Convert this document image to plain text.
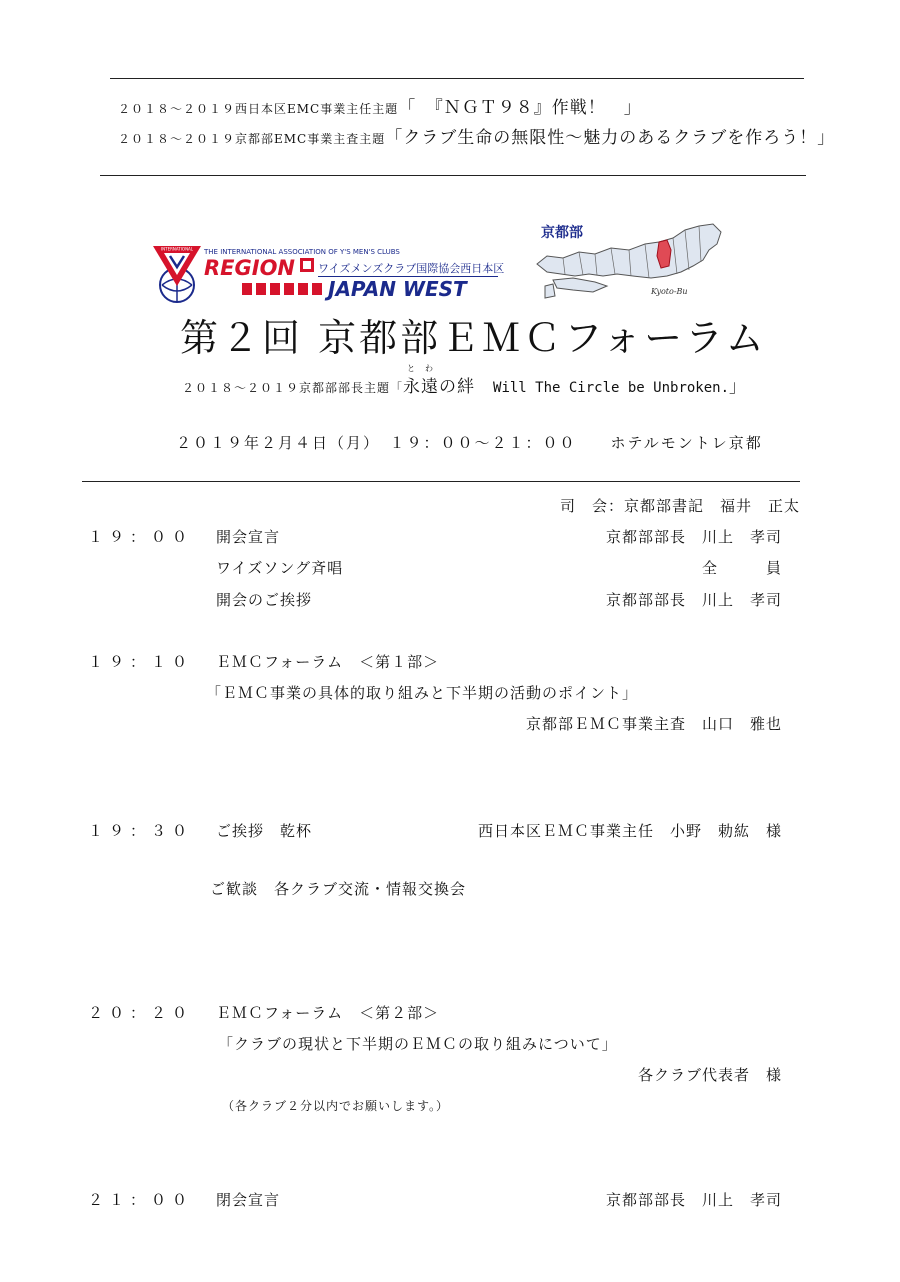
２０１８～２０１９西日本区EMC事業主任主題「　『ＮＧＴ９８』作戦！　」
２０１８～２０１９京都部EMC事業主査主題「クラブ生命の無限性～魅力のあるクラブを作ろう！」
INTERNATIONAL THE INTERNATIONAL ASSOCIATION OF Y'S MEN'S CLUBS
REGION ワイズメンズクラブ国際協会西日本区
JAPAN WEST
京都部
Kyoto-Bu
第２回 京都部ＥＭＣフォーラム
２０１８～２０１９京都部部長主題「
と
永
わ
遠の絆　Will The Circle be Unbroken.」
２０１９年２月４日（月）　１９：００～２１：００　　ホテルモントレ京都
司　会：京都部書記　福井　正太
１９：００ 開会宣言	京都部部長　川上　孝司
ワイズソング斉唱	全　　　員
開会のご挨拶	京都部部長　川上　孝司
１９：１０ ＥＭＣフォーラム　＜第１部＞
「ＥＭＣ事業の具体的取り組みと下半期の活動のポイント」
京都部ＥＭＣ事業主査　山口　雅也
１９：３０ ご挨拶　乾杯	西日本区ＥＭＣ事業主任　小野　勅紘　様
ご歓談　各クラブ交流・情報交換会
２０：２０ ＥＭＣフォーラム　＜第２部＞
「クラブの現状と下半期のＥＭＣの取り組みについて」
各クラブ代表者　様
（各クラブ２分以内でお願いします。）
２１：００ 閉会宣言	京都部部長　川上　孝司
